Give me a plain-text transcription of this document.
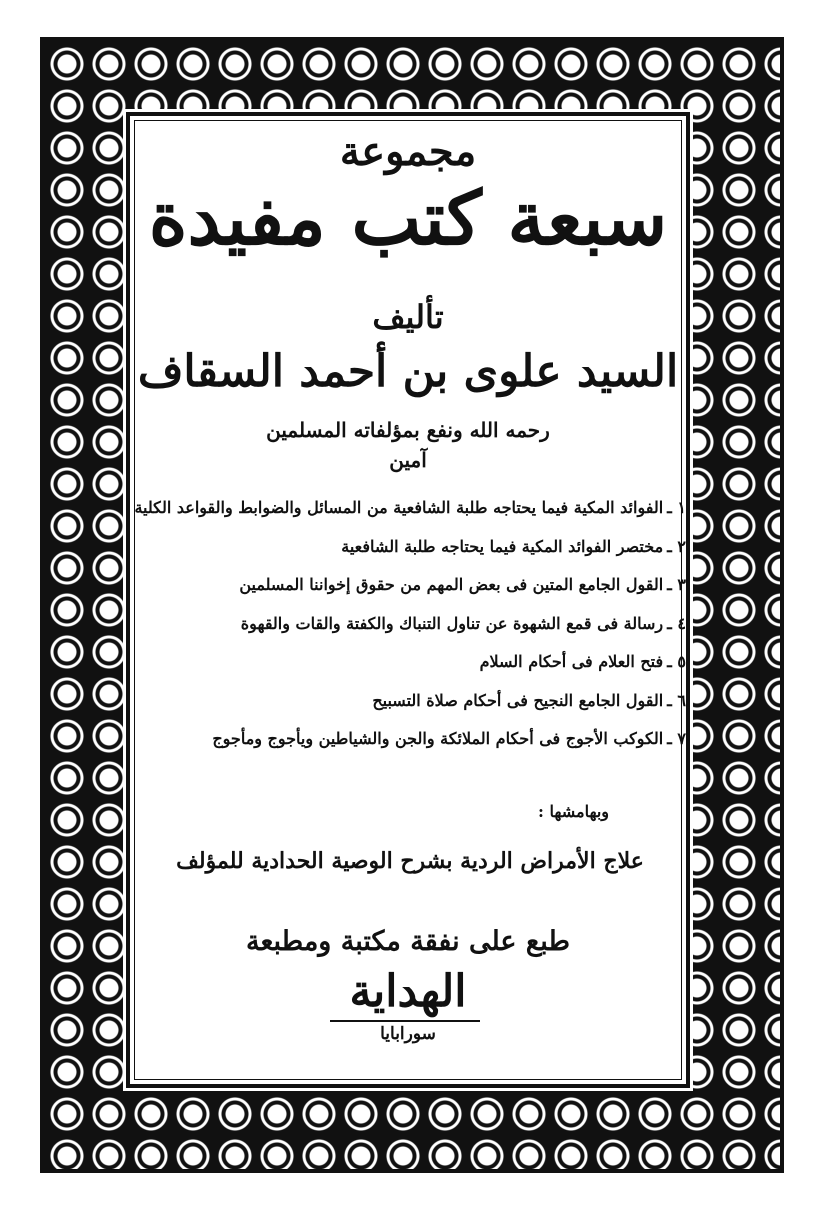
مجموعة
سبعة كتب مفيدة
تأليف
السيد علوى بن أحمد السقاف
رحمه الله ونفع بمؤلفاته المسلمين
آمين
١ ـالفوائد المكية فيما يحتاجه طلبة الشافعية من المسائل والضوابط والقواعد الكلية
٢ ـمختصر الفوائد المكية فيما يحتاجه طلبة الشافعية
٣ ـالقول الجامع المتين فى بعض المهم من حقوق إخواننا المسلمين
٤ ـرسالة فى قمع الشهوة عن تناول التنباك والكفتة والقات والقهوة
٥ ـفتح العلام فى أحكام السلام
٦ ـالقول الجامع النجيح فى أحكام صلاة التسبيح
٧ ـالكوكب الأجوج فى أحكام الملائكة والجن والشياطين ويأجوج ومأجوج
وبهامشها :
علاج الأمراض الردية بشرح الوصية الحدادية للمؤلف
طبع على نفقة مكتبة ومطبعة
الهداية
سورابايا
